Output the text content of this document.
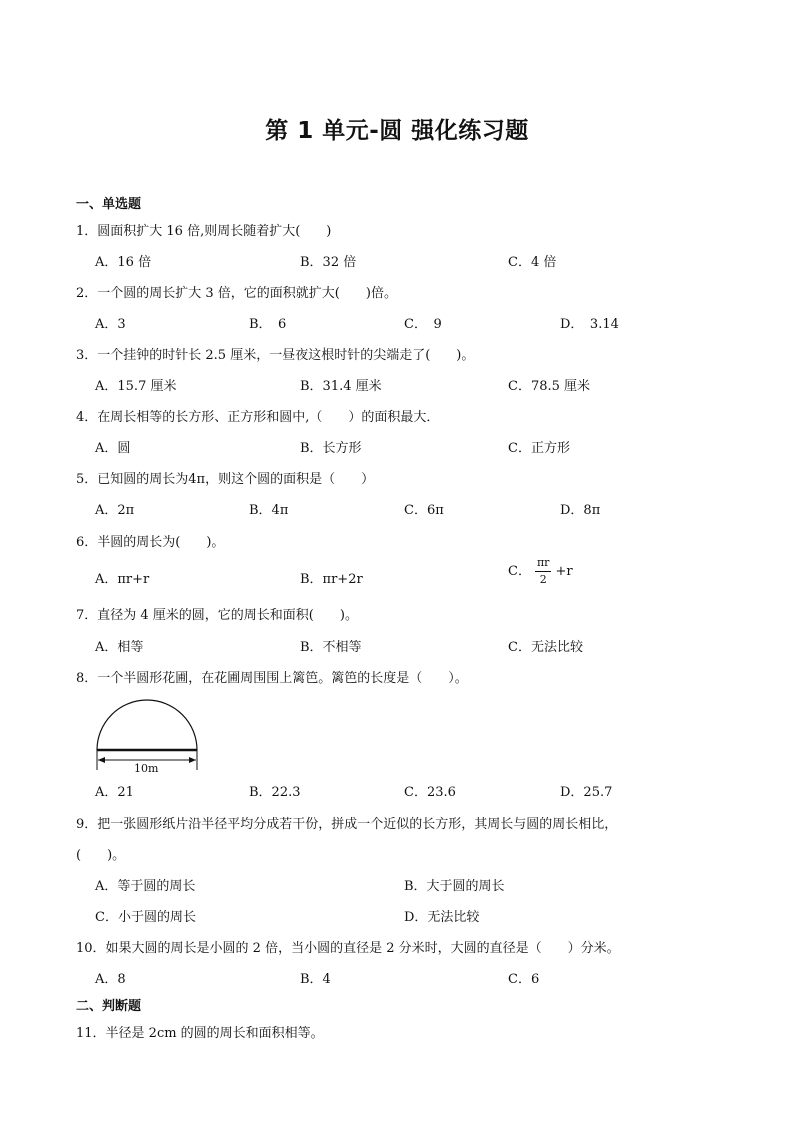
第 1 单元-圆 强化练习题
一、单选题
1．圆面积扩大 16 倍,则周长随着扩大(　　)
A．16 倍	B．32 倍	C．4 倍
2．一个圆的周长扩大 3 倍，它的面积就扩大(　　)倍。
A．3	B．　6	C．　9	D．　3.14
3．一个挂钟的时针长 2.5 厘米，一昼夜这根时针的尖端走了(　　)。
A．15.7 厘米	B．31.4 厘米	C．78.5 厘米
4．在周长相等的长方形、正方形和圆中,（　　）的面积最大．
A．圆	B．长方形	C．正方形
5．已知圆的周长为4π，则这个圆的面积是（　　）
A．2π	B．4π	C．6π	D．8π
6．半圆的周长为(　　)。
A．πr+r	B．πr+2r
C． $\frac{\pi r}{2} +r$
7．直径为 4 厘米的圆，它的周长和面积(　　)。
A．相等	B．不相等	C．无法比较
8．一个半圆形花圃，在花圃周围围上篱笆。篱笆的长度是（　　）。
10m
A．21	B．22.3	C．23.6	D．25.7
9．把一张圆形纸片沿半径平均分成若干份，拼成一个近似的长方形，其周长与圆的周长相比，
(　　)。
A．等于圆的周长	B．大于圆的周长
C．小于圆的周长	D．无法比较
10．如果大圆的周长是小圆的 2 倍，当小圆的直径是 2 分米时，大圆的直径是（　　）分米。
A．8	B．4	C．6
二、判断题
11．半径是 2cm 的圆的周长和面积相等。
